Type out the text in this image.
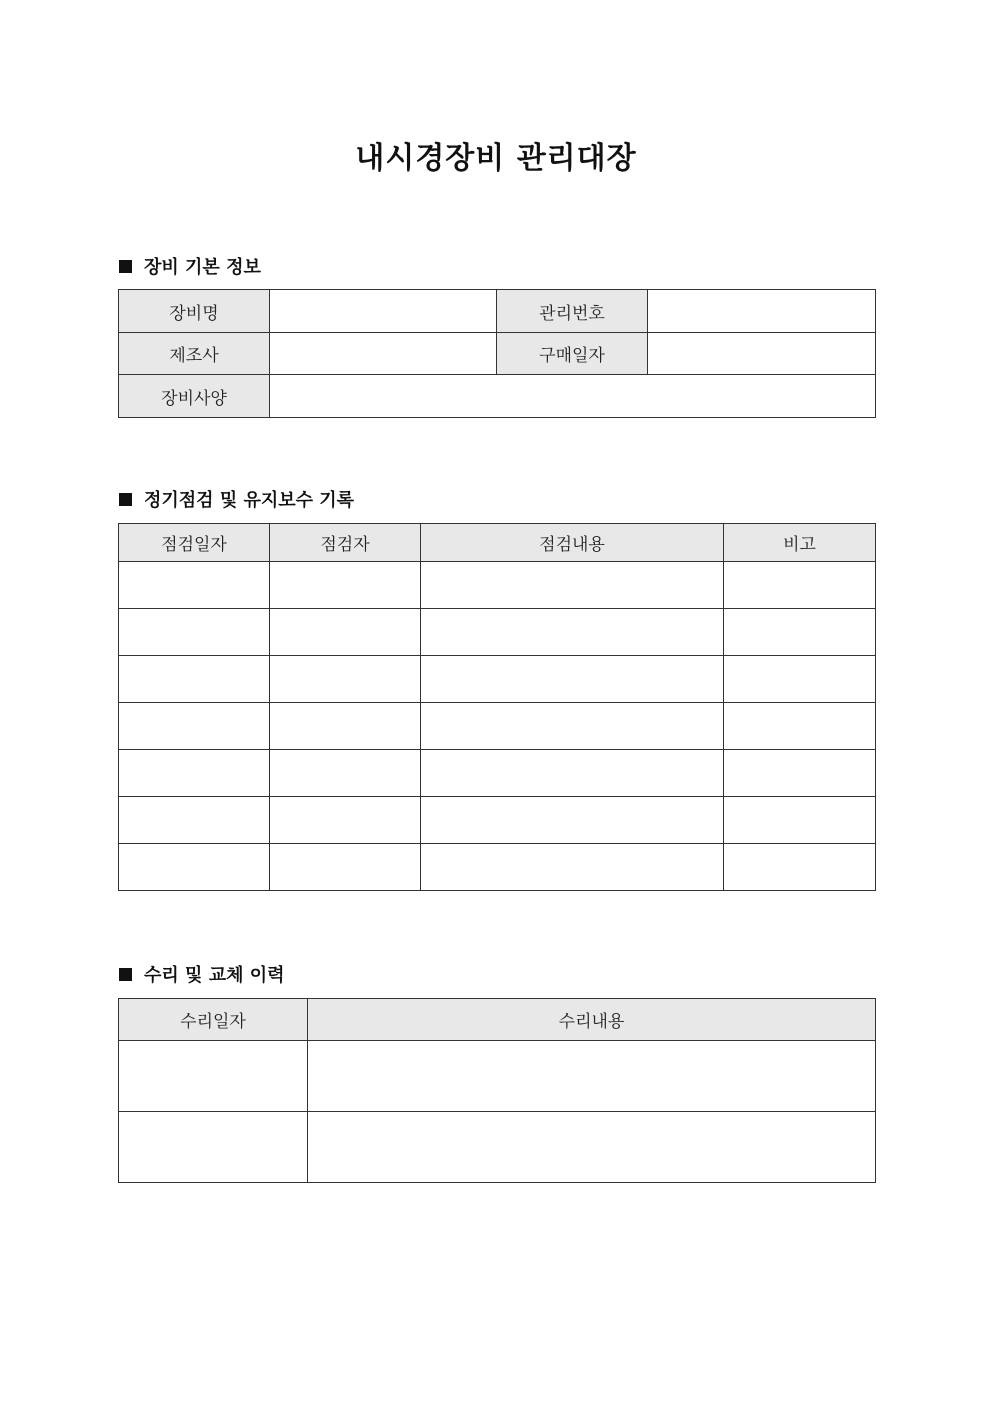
내시경장비 관리대장
장비 기본 정보
장비명		관리번호	
제조사		구매일자	
장비사양			
정기점검 및 유지보수 기록
점검일자	점검자	점검내용	비고

수리 및 교체 이력
수리일자	수리내용
